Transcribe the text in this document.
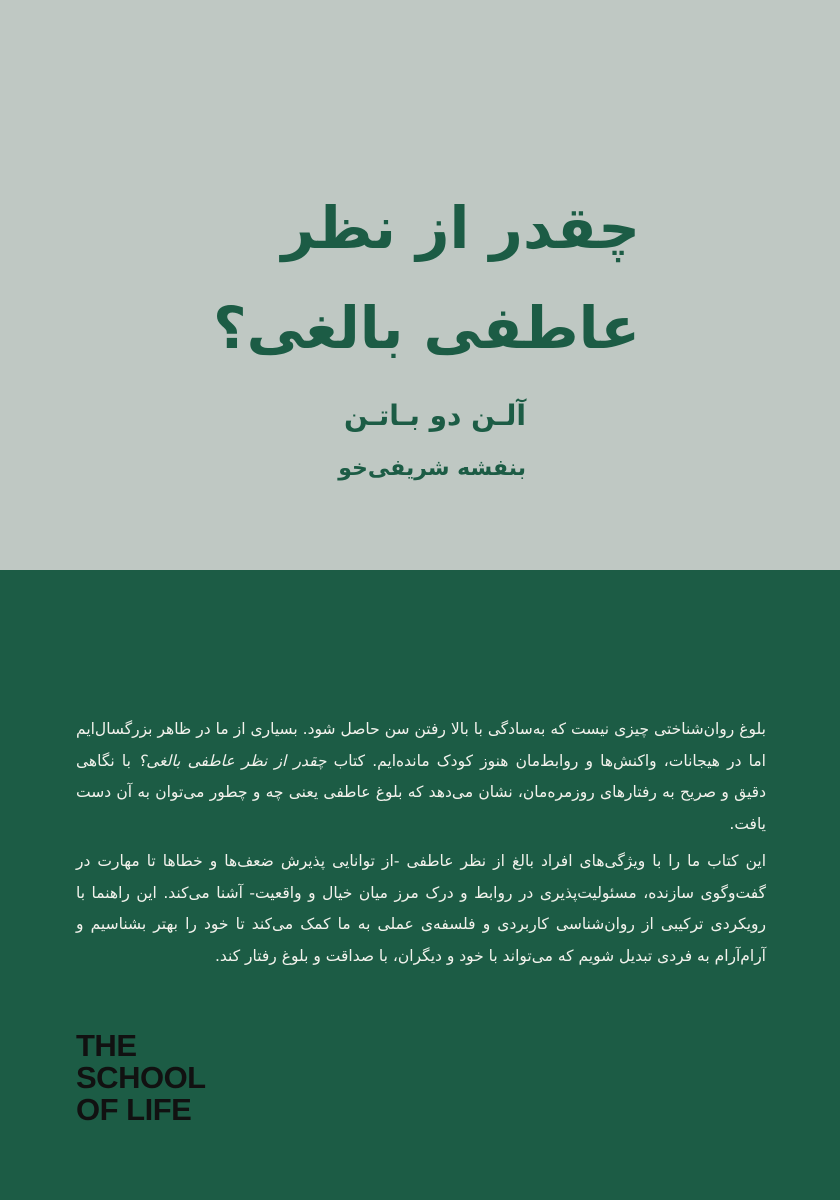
چقدر از نظر
عاطفی بالغی؟
آلـن دو بـاتـن
بنفشه شریفی‌خو

بلوغ روان‌شناختی چیزی نیست که به‌سادگی با بالا رفتن سن حاصل شود. بسیاری از ما در ظاهر بزرگسال‌ایم اما در هیجانات، واکنش‌ها و روابط‌مان هنوز کودک مانده‌ایم. کتاب چقدر از نظر عاطفی بالغی؟ با نگاهی دقیق و صریح به رفتارهای روزمره‌مان، نشان می‌دهد که بلوغ عاطفی یعنی چه و چطور می‌توان به آن دست یافت.

این کتاب ما را با ویژگی‌های افراد بالغ از نظر عاطفی -از توانایی پذیرش ضعف‌ها و خطاها تا مهارت در گفت‌وگوی سازنده، مسئولیت‌پذیری در روابط و درک مرز میان خیال و واقعیت- آشنا می‌کند. این راهنما با رویکردی ترکیبی از روان‌شناسی کاربردی و فلسفه‌ی عملی به ما کمک می‌کند تا خود را بهتر بشناسیم و آرام‌آرام به فردی تبدیل شویم که می‌تواند با خود و دیگران، با صداقت و بلوغ رفتار کند.

THE
SCHOOL
OF LIFE
